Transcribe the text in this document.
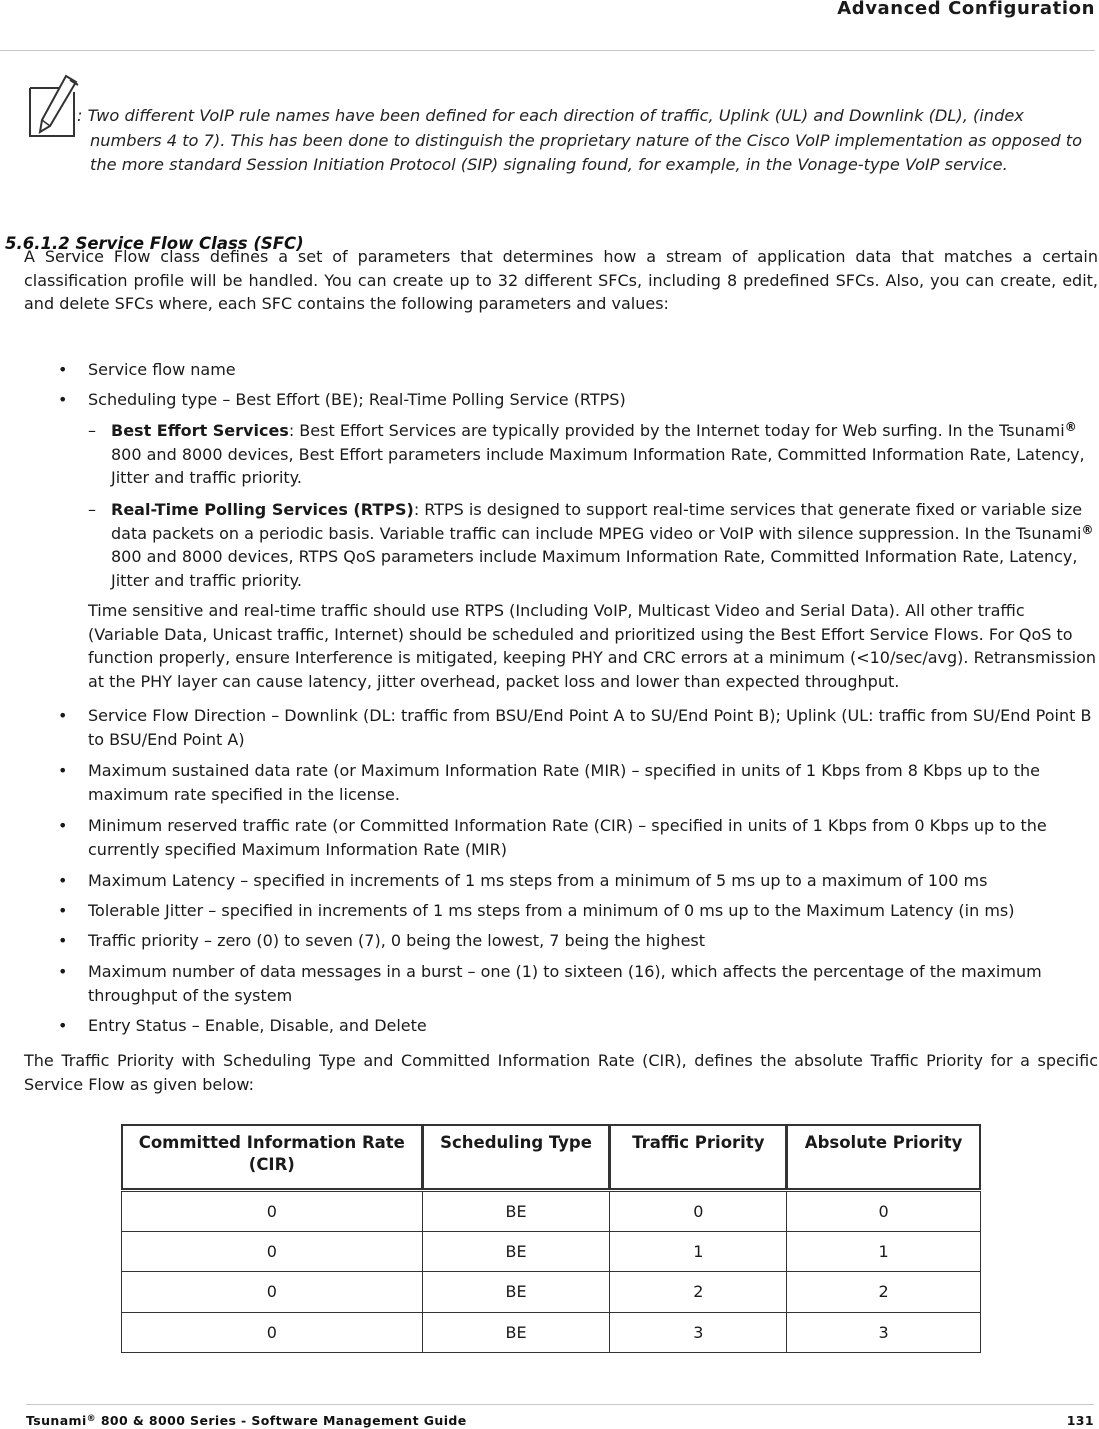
Advanced Configuration
: Two different VoIP rule names have been defined for each direction of traffic, Uplink (UL) and Downlink (DL), (index numbers 4 to 7). This has been done to distinguish the proprietary nature of the Cisco VoIP implementation as opposed to the more standard Session Initiation Protocol (SIP) signaling found, for example, in the Vonage-type VoIP service.
5.6.1.2 Service Flow Class (SFC)
A Service Flow class defines a set of parameters that determines how a stream of application data that matches a certain classification profile will be handled. You can create up to 32 different SFCs, including 8 predefined SFCs. Also, you can create, edit, and delete SFCs where, each SFC contains the following parameters and values:
• Service flow name
• Scheduling type – Best Effort (BE); Real-Time Polling Service (RTPS)
– Best Effort Services: Best Effort Services are typically provided by the Internet today for Web surfing. In the Tsunami® 800 and 8000 devices, Best Effort parameters include Maximum Information Rate, Committed Information Rate, Latency, Jitter and traffic priority.
– Real-Time Polling Services (RTPS): RTPS is designed to support real-time services that generate fixed or variable size data packets on a periodic basis. Variable traffic can include MPEG video or VoIP with silence suppression. In the Tsunami® 800 and 8000 devices, RTPS QoS parameters include Maximum Information Rate, Committed Information Rate, Latency, Jitter and traffic priority.
Time sensitive and real-time traffic should use RTPS (Including VoIP, Multicast Video and Serial Data). All other traffic (Variable Data, Unicast traffic, Internet) should be scheduled and prioritized using the Best Effort Service Flows. For QoS to function properly, ensure Interference is mitigated, keeping PHY and CRC errors at a minimum (<10/sec/avg). Retransmission at the PHY layer can cause latency, jitter overhead, packet loss and lower than expected throughput.
• Service Flow Direction – Downlink (DL: traffic from BSU/End Point A to SU/End Point B); Uplink (UL: traffic from SU/End Point B to BSU/End Point A)
• Maximum sustained data rate (or Maximum Information Rate (MIR) – specified in units of 1 Kbps from 8 Kbps up to the maximum rate specified in the license.
• Minimum reserved traffic rate (or Committed Information Rate (CIR) – specified in units of 1 Kbps from 0 Kbps up to the currently specified Maximum Information Rate (MIR)
• Maximum Latency – specified in increments of 1 ms steps from a minimum of 5 ms up to a maximum of 100 ms
• Tolerable Jitter – specified in increments of 1 ms steps from a minimum of 0 ms up to the Maximum Latency (in ms)
• Traffic priority – zero (0) to seven (7), 0 being the lowest, 7 being the highest
• Maximum number of data messages in a burst – one (1) to sixteen (16), which affects the percentage of the maximum throughput of the system
• Entry Status – Enable, Disable, and Delete
The Traffic Priority with Scheduling Type and Committed Information Rate (CIR), defines the absolute Traffic Priority for a specific Service Flow as given below:
Committed Information Rate (CIR)	Scheduling Type	Traffic Priority	Absolute Priority
0	BE	0	0
0	BE	1	1
0	BE	2	2
0	BE	3	3
Tsunami® 800 & 8000 Series - Software Management Guide	131
